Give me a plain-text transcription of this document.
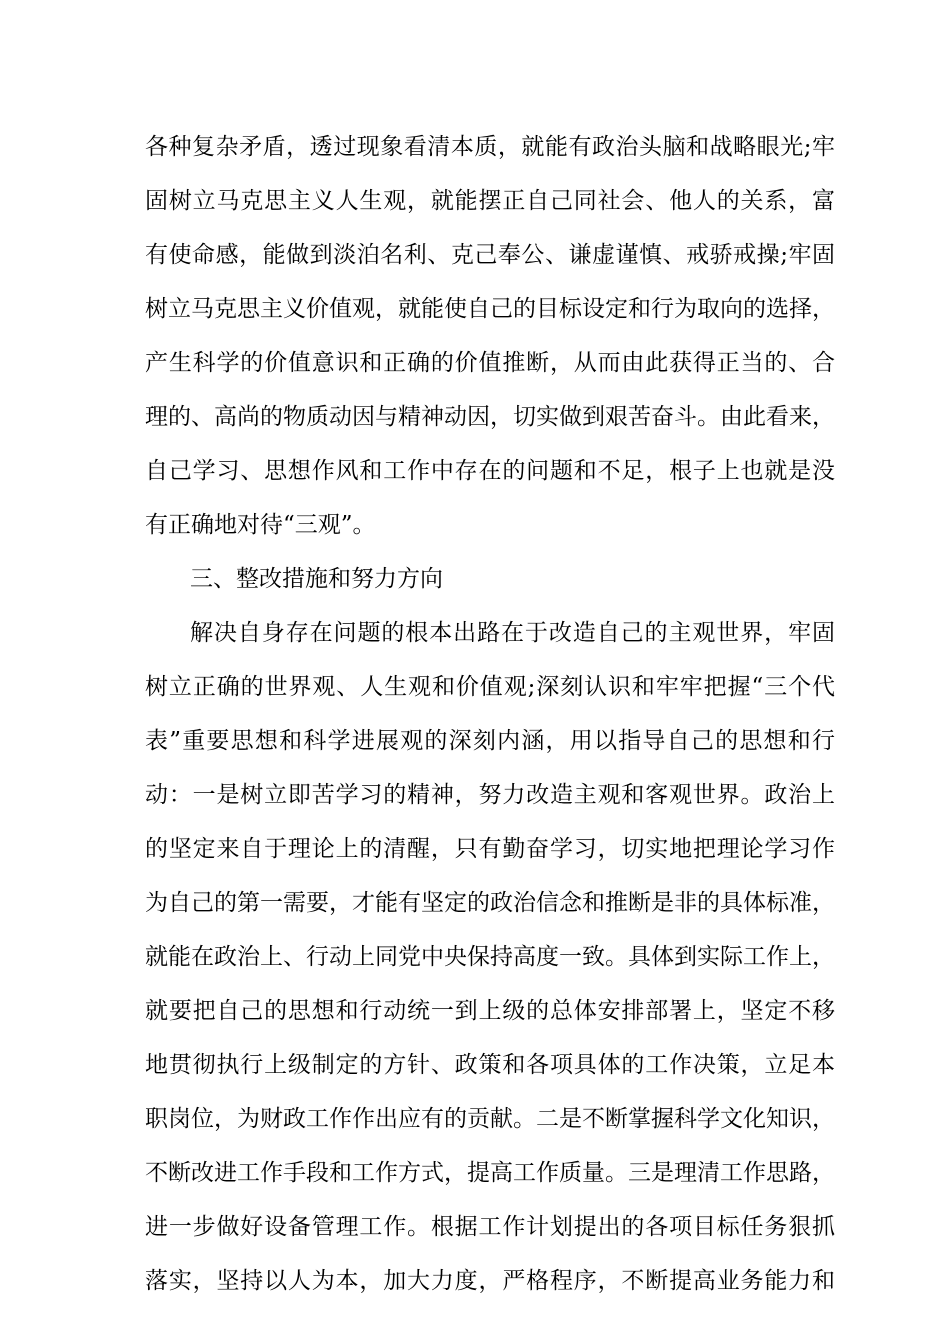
各种复杂矛盾，透过现象看清本质，就能有政治头脑和战略眼光;牢
固树立马克思主义人生观，就能摆正自己同社会、他人的关系，富
有使命感，能做到淡泊名利、克己奉公、谦虚谨慎、戒骄戒操;牢固
树立马克思主义价值观，就能使自己的目标设定和行为取向的选择，
产生科学的价值意识和正确的价值推断，从而由此获得正当的、合
理的、高尚的物质动因与精神动因，切实做到艰苦奋斗。由此看来，
自己学习、思想作风和工作中存在的问题和不足，根子上也就是没
有正确地对待“三观”。
三、整改措施和努力方向
解决自身存在问题的根本出路在于改造自己的主观世界，牢固
树立正确的世界观、人生观和价值观;深刻认识和牢牢把握“三个代
表”重要思想和科学进展观的深刻内涵，用以指导自己的思想和行
动：一是树立即苦学习的精神，努力改造主观和客观世界。政治上
的坚定来自于理论上的清醒，只有勤奋学习，切实地把理论学习作
为自己的第一需要，才能有坚定的政治信念和推断是非的具体标准，
就能在政治上、行动上同党中央保持高度一致。具体到实际工作上，
就要把自己的思想和行动统一到上级的总体安排部署上，坚定不移
地贯彻执行上级制定的方针、政策和各项具体的工作决策，立足本
职岗位，为财政工作作出应有的贡献。二是不断掌握科学文化知识，
不断改进工作手段和工作方式，提高工作质量。三是理清工作思路，
进一步做好设备管理工作。根据工作计划提出的各项目标任务狠抓
落实，坚持以人为本，加大力度，严格程序，不断提高业务能力和
